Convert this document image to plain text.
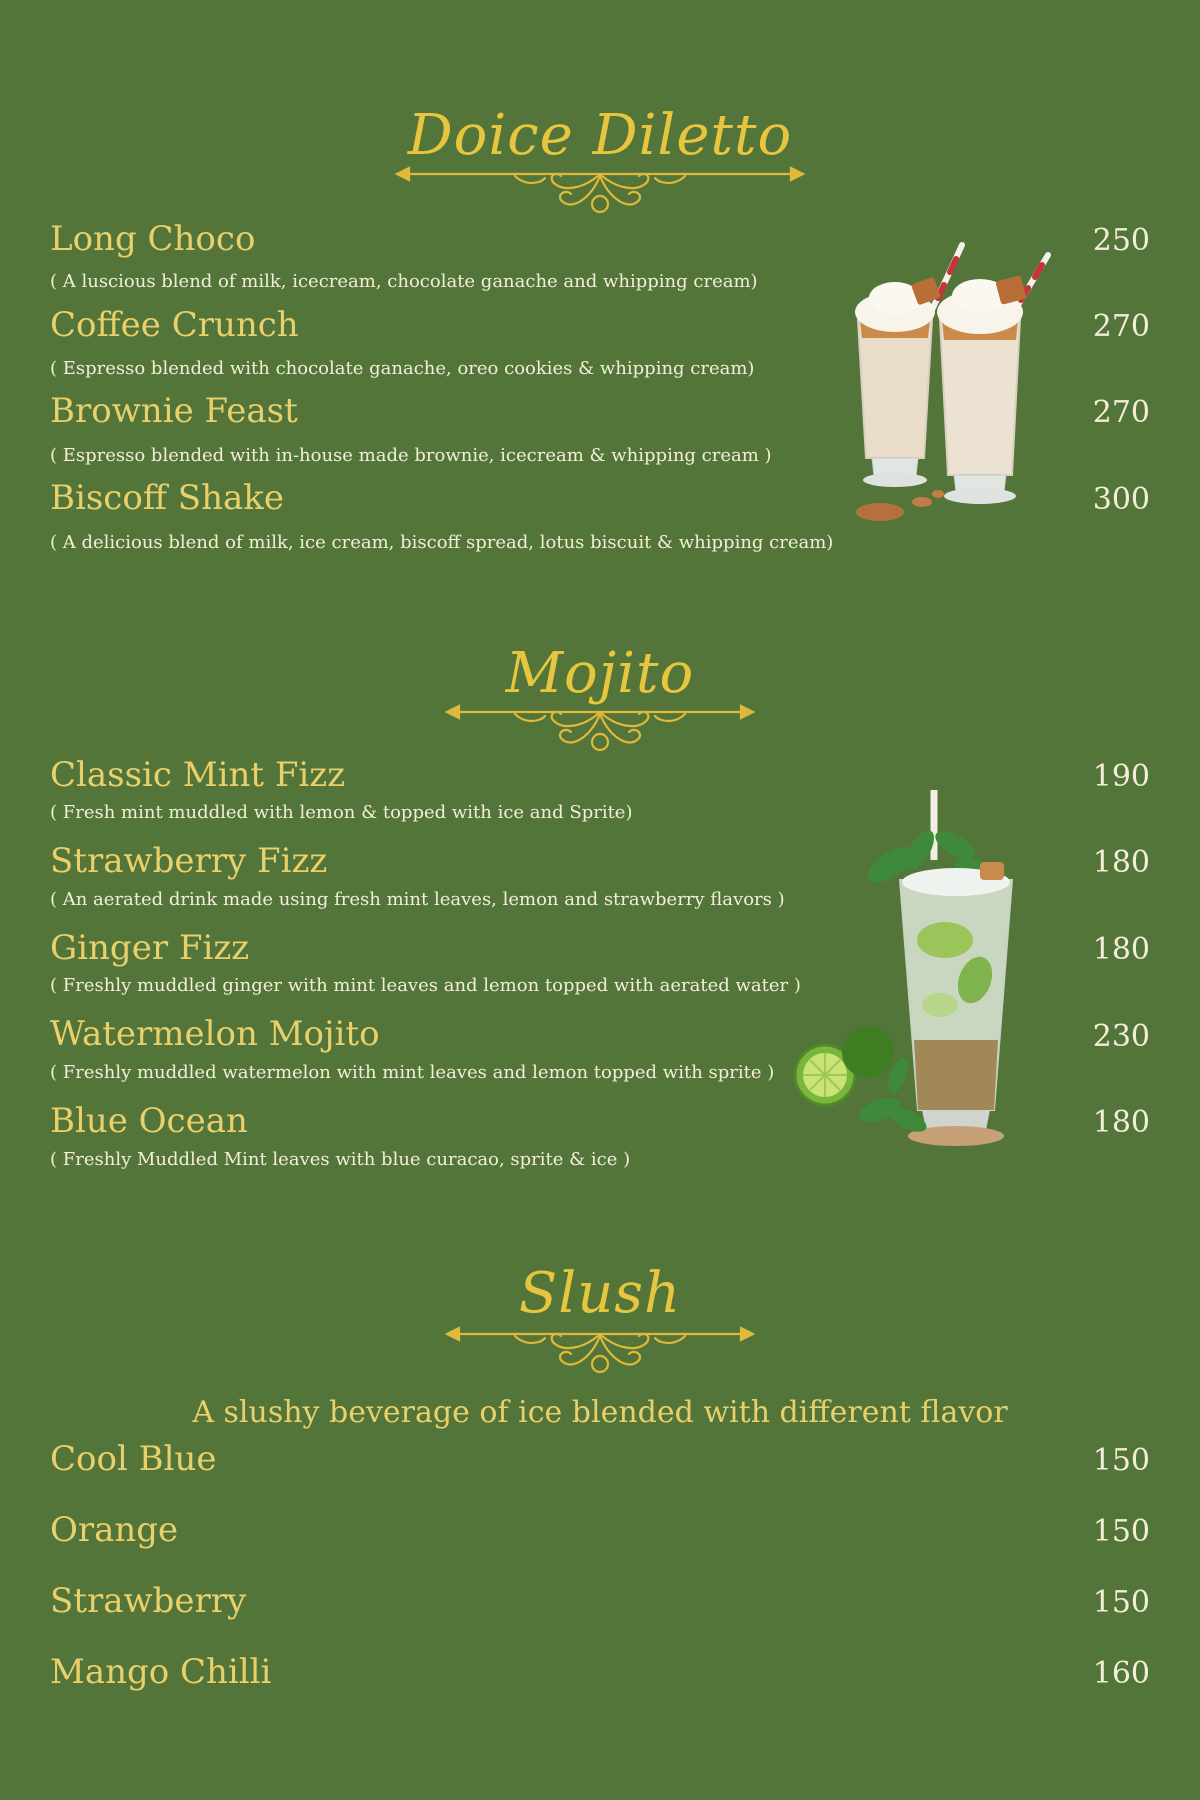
Doice Diletto
Long Choco	250
( A luscious blend of milk, icecream, chocolate ganache and whipping cream)
Coffee Crunch	270
( Espresso blended with chocolate ganache, oreo cookies & whipping cream)
Brownie Feast	270
( Espresso blended with in-house made brownie, icecream & whipping cream )
Biscoff Shake	300
( A delicious blend of milk, ice cream, biscoff spread, lotus biscuit & whipping cream)
Mojito
Classic Mint Fizz	190
( Fresh mint muddled with lemon & topped with ice and Sprite)
Strawberry Fizz	180
( An aerated drink made using fresh mint leaves, lemon and strawberry flavors )
Ginger Fizz	180
( Freshly muddled ginger with mint leaves and lemon topped with aerated water )
Watermelon Mojito	230
( Freshly muddled watermelon with mint leaves and lemon topped with sprite )
Blue Ocean	180
( Freshly Muddled Mint leaves with blue curacao, sprite & ice )
Slush
A slushy beverage of ice blended with different flavor
Cool Blue	150
Orange	150
Strawberry	150
Mango Chilli	160
